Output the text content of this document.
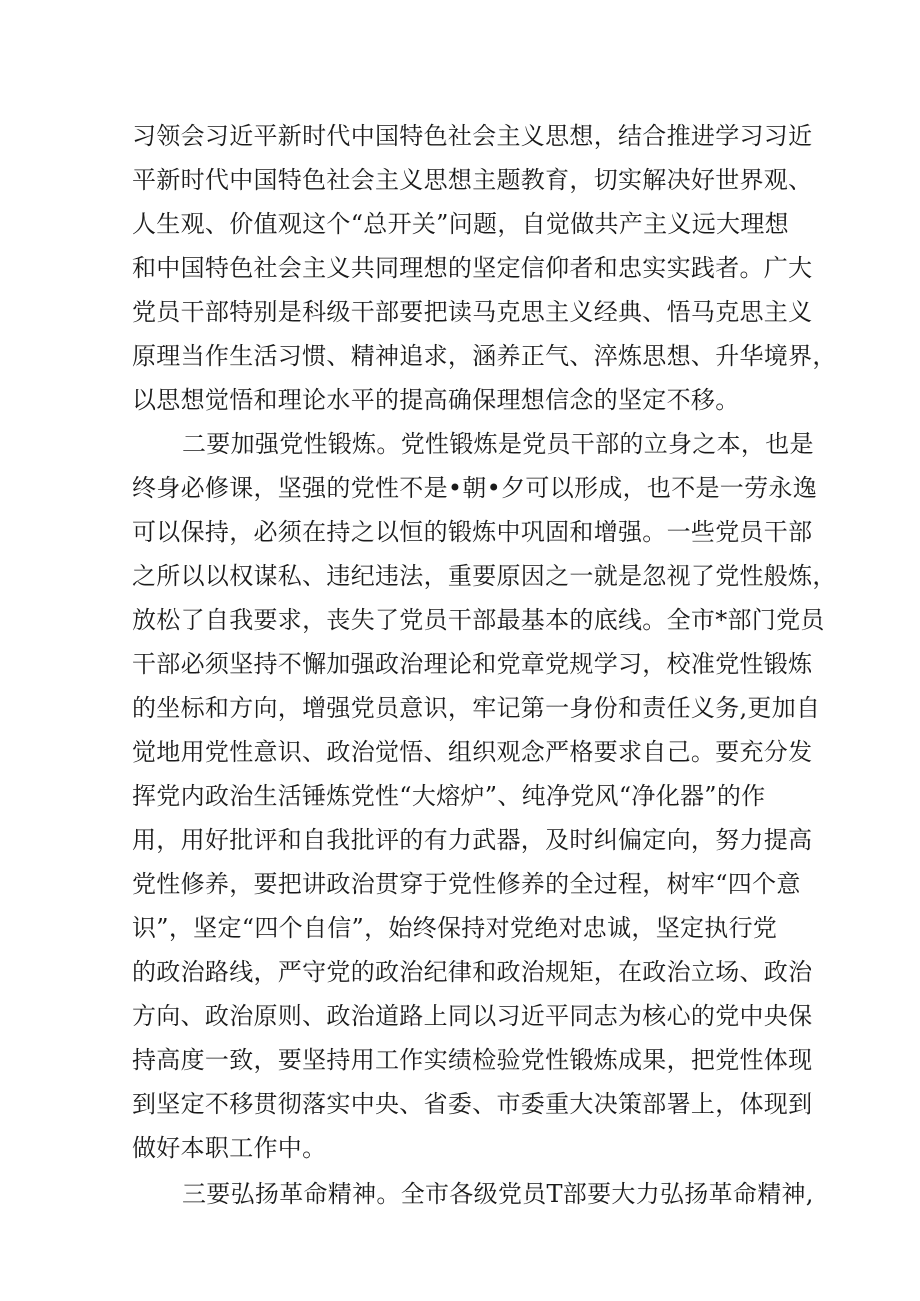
习领会习近平新时代中国特色社会主义思想，结合推进学习习近
平新时代中国特色社会主义思想主题教育，切实解决好世界观、
人生观、价值观这个“总开关”问题，自觉做共产主义远大理想
和中国特色社会主义共同理想的坚定信仰者和忠实实践者。广大
党员干部特别是科级干部要把读马克思主义经典、悟马克思主义
原理当作生活习惯、精神追求，涵养正气、淬炼思想、升华境界，
以思想觉悟和理论水平的提高确保理想信念的坚定不移。
二要加强党性锻炼。党性锻炼是党员干部的立身之本，也是
终身必修课，坚强的党性不是•朝•夕可以形成，也不是一劳永逸
可以保持，必须在持之以恒的锻炼中巩固和增强。一些党员干部
之所以以权谋私、违纪违法，重要原因之一就是忽视了党性般炼，
放松了自我要求，丧失了党员干部最基本的底线。全市*部门党员
干部必须坚持不懈加强政治理论和党章党规学习，校准党性锻炼
的坐标和方向，增强党员意识，牢记第一身份和责任义务,更加自
觉地用党性意识、政治觉悟、组织观念严格要求自己。要充分发
挥党内政治生活锤炼党性“大熔炉”、纯净党风“净化器”的作
用，用好批评和自我批评的有力武器，及时纠偏定向，努力提高
党性修养，要把讲政治贯穿于党性修养的全过程，树牢“四个意
识”，坚定“四个自信”，始终保持对党绝对忠诚，坚定执行党
的政治路线，严守党的政治纪律和政治规矩，在政治立场、政治
方向、政治原则、政治道路上同以习近平同志为核心的党中央保
持高度一致，要坚持用工作实绩检验党性锻炼成果，把党性体现
到坚定不移贯彻落实中央、省委、市委重大决策部署上，体现到
做好本职工作中。
三要弘扬革命精神。全市各级党员T部要大力弘扬革命精神,
